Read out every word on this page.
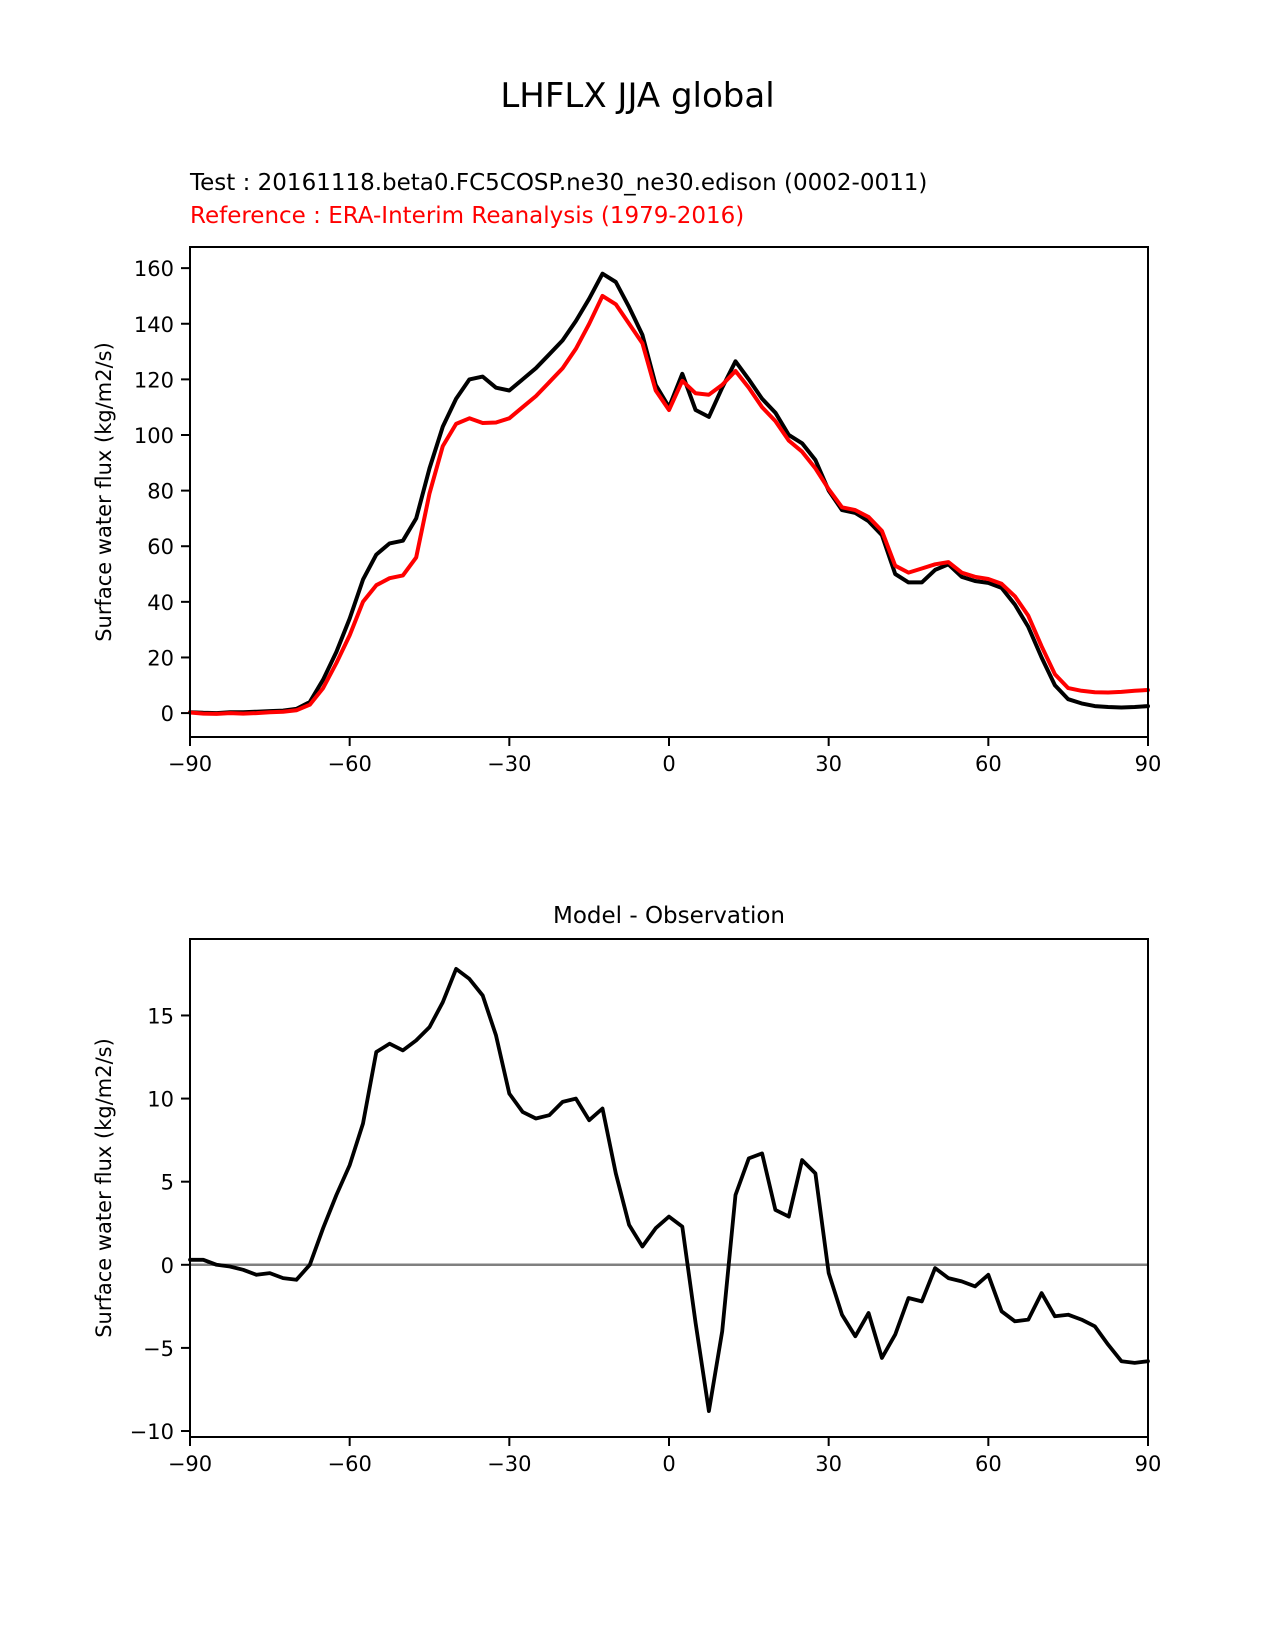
LHFLX JJA global
Test : 20161118.beta0.FC5COSP.ne30_ne30.edison (0002-0011)
Reference : ERA-Interim Reanalysis (1979-2016)
Model - Observation
Surface water flux (kg/m2/s)
Surface water flux (kg/m2/s)
−90	−60	−30	0	30	60	90
0
20
40
60
80
100
120
140
160
−90	−60	−30	0	30	60	90
−10
−5
0
5
10
15
